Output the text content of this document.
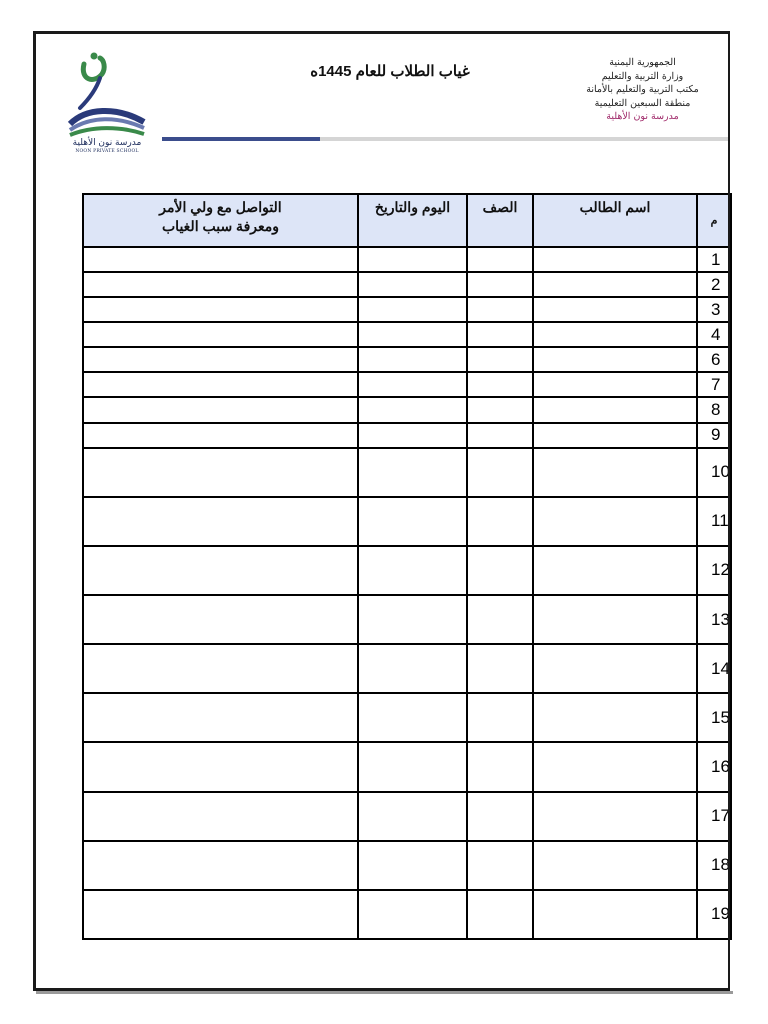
مدرسة نون الأهلية
NOON PRIVATE SCHOOL
غياب الطلاب للعام 1445ه
الجمهورية اليمنية
وزارة التربية والتعليم
مكتب التربية والتعليم بالأمانة
منطقة السبعين التعليمية
مدرسة نون الأهلية
م	اسم الطالب	الصف	اليوم والتاريخ	التواصل مع ولي الأمر
ومعرفة سبب الغياب

1				
2				
3				
4				
6				
7				
8				
9				
10				
11				
12				
13				
14				
15				
16				
17				
18				
19				
